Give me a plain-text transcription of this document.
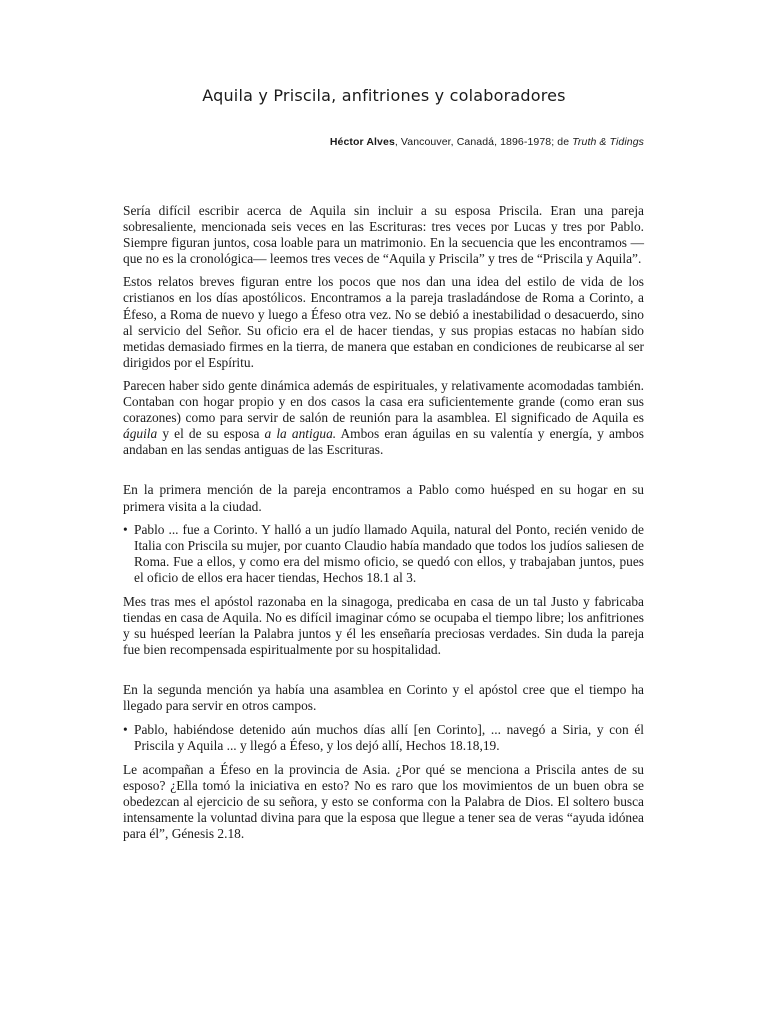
Aquila y Priscila, anfitriones y colaboradores
Héctor Alves, Vancouver, Canadá, 1896-1978; de Truth & Tidings

Sería difícil escribir acerca de Aquila sin incluir a su esposa Priscila. Eran una pareja sobresaliente, mencionada seis veces en las Escrituras: tres veces por Lucas y tres por Pablo. Siempre figuran juntos, cosa loable para un matrimonio. En la secuencia que les encontramos —que no es la cronológica— leemos tres veces de “Aquila y Priscila” y tres de “Priscila y Aquila”.

Estos relatos breves figuran entre los pocos que nos dan una idea del estilo de vida de los cristianos en los días apostólicos. Encontramos a la pareja trasladándose de Roma a Corinto, a Éfeso, a Roma de nuevo y luego a Éfeso otra vez. No se debió a inestabilidad o desacuerdo, sino al servicio del Señor. Su oficio era el de hacer tiendas, y sus propias estacas no habían sido metidas demasiado firmes en la tierra, de manera que estaban en condiciones de reubicarse al ser dirigidos por el Espíritu.

Parecen haber sido gente dinámica además de espirituales, y relativamente acomodadas también. Contaban con hogar propio y en dos casos la casa era suficientemente grande (como eran sus corazones) como para servir de salón de reunión para la asamblea. El significado de Aquila es águila y el de su esposa a la antigua. Ambos eran águilas en su valentía y energía, y ambos andaban en las sendas antiguas de las Escrituras.

En la primera mención de la pareja encontramos a Pablo como huésped en su hogar en su primera visita a la ciudad.

• Pablo ... fue a Corinto. Y halló a un judío llamado Aquila, natural del Ponto, recién venido de Italia con Priscila su mujer, por cuanto Claudio había mandado que todos los judíos saliesen de Roma. Fue a ellos, y como era del mismo oficio, se quedó con ellos, y trabajaban juntos, pues el oficio de ellos era hacer tiendas, Hechos 18.1 al 3.

Mes tras mes el apóstol razonaba en la sinagoga, predicaba en casa de un tal Justo y fabricaba tiendas en casa de Aquila. No es difícil imaginar cómo se ocupaba el tiempo libre; los anfitriones y su huésped leerían la Palabra juntos y él les enseñaría preciosas verdades. Sin duda la pareja fue bien recompensada espiritualmente por su hospitalidad.

En la segunda mención ya había una asamblea en Corinto y el apóstol cree que el tiempo ha llegado para servir en otros campos.

• Pablo, habiéndose detenido aún muchos días allí [en Corinto], ... navegó a Siria, y con él Priscila y Aquila ... y llegó a Éfeso, y los dejó allí, Hechos 18.18,19.

Le acompañan a Éfeso en la provincia de Asia. ¿Por qué se menciona a Priscila antes de su esposo? ¿Ella tomó la iniciativa en esto? No es raro que los movimientos de un buen obra se obedezcan al ejercicio de su señora, y esto se conforma con la Palabra de Dios. El soltero busca intensamente la voluntad divina para que la esposa que llegue a tener sea de veras “ayuda idónea para él”, Génesis 2.18.
